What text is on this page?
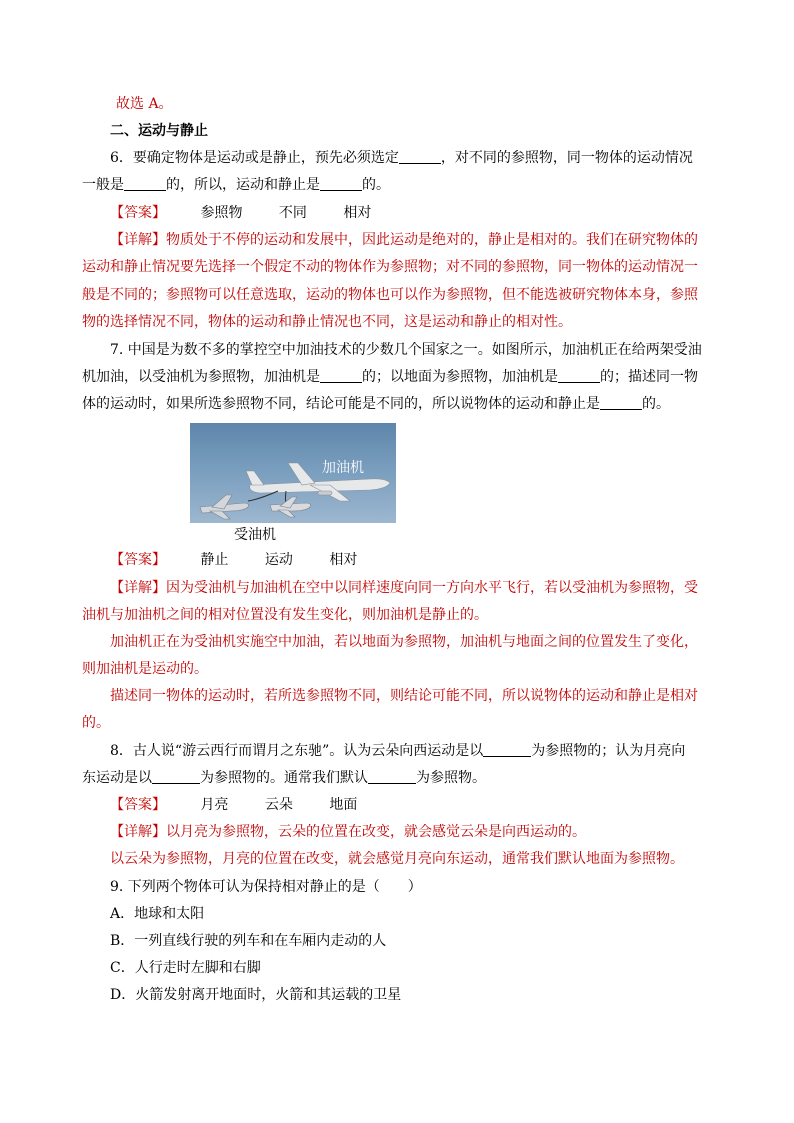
故选 A。
二、运动与静止
6．要确定物体是运动或是静止，预先必须选定	，对不同的参照物，同一物体的运动情况
一般是	的，所以，运动和静止是	的。
【答案】 参照物	不同	相对
【详解】物质处于不停的运动和发展中，因此运动是绝对的，静止是相对的。我们在研究物体的
运动和静止情况要先选择一个假定不动的物体作为参照物；对不同的参照物，同一物体的运动情况一
般是不同的；参照物可以任意选取，运动的物体也可以作为参照物，但不能选被研究物体本身，参照
物的选择情况不同，物体的运动和静止情况也不同，这是运动和静止的相对性。
7. 中国是为数不多的掌控空中加油技术的少数几个国家之一。如图所示，加油机正在给两架受油
机加油，以受油机为参照物，加油机是	的；以地面为参照物，加油机是	的；描述同一物
体的运动时，如果所选参照物不同，结论可能是不同的，所以说物体的运动和静止是	的。
加油机
受油机
【答案】 静止	运动	相对
【详解】因为受油机与加油机在空中以同样速度向同一方向水平飞行，若以受油机为参照物，受
油机与加油机之间的相对位置没有发生变化，则加油机是静止的。
加油机正在为受油机实施空中加油，若以地面为参照物，加油机与地面之间的位置发生了变化，
则加油机是运动的。
描述同一物体的运动时，若所选参照物不同，则结论可能不同，所以说物体的运动和静止是相对
的。
8．古人说“游云西行而谓月之东驰”。认为云朵向西运动是以	为参照物的；认为月亮向
东运动是以	为参照物的。通常我们默认	为参照物。
【答案】 月亮	云朵	地面
【详解】以月亮为参照物，云朵的位置在改变，就会感觉云朵是向西运动的。
以云朵为参照物，月亮的位置在改变，就会感觉月亮向东运动，通常我们默认地面为参照物。
9. 下列两个物体可认为保持相对静止的是（　　）
A．地球和太阳
B．一列直线行驶的列车和在车厢内走动的人
C．人行走时左脚和右脚
D．火箭发射离开地面时，火箭和其运载的卫星
